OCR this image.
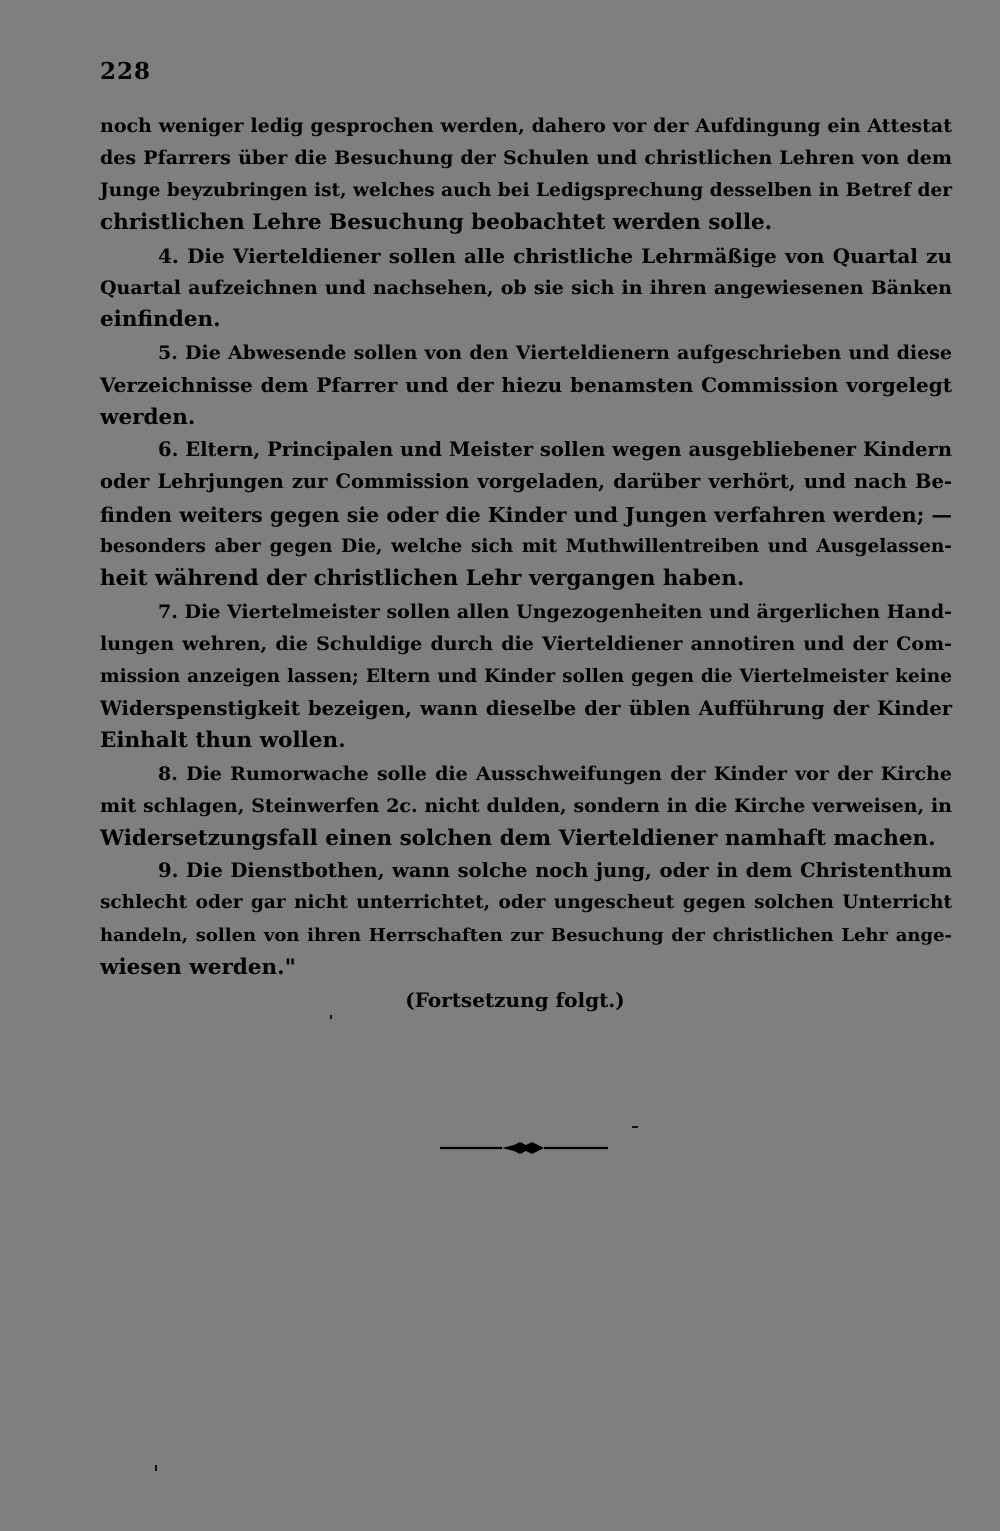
228
noch weniger ledig gesprochen werden, dahero vor der Aufdingung ein Attestat
des Pfarrers über die Besuchung der Schulen und christlichen Lehren von dem
Junge beyzubringen ist, welches auch bei Ledigsprechung desselben in Betref der
christlichen Lehre Besuchung beobachtet werden solle.
4. Die Vierteldiener sollen alle christliche Lehrmäßige von Quartal zu
Quartal aufzeichnen und nachsehen, ob sie sich in ihren angewiesenen Bänken
einfinden.
5. Die Abwesende sollen von den Vierteldienern aufgeschrieben und diese
Verzeichnisse dem Pfarrer und der hiezu benamsten Commission vorgelegt
werden.
6. Eltern, Principalen und Meister sollen wegen ausgebliebener Kindern
oder Lehrjungen zur Commission vorgeladen, darüber verhört, und nach Be-
finden weiters gegen sie oder die Kinder und Jungen verfahren werden; —
besonders aber gegen Die, welche sich mit Muthwillentreiben und Ausgelassen-
heit während der christlichen Lehr vergangen haben.
7. Die Viertelmeister sollen allen Ungezogenheiten und ärgerlichen Hand-
lungen wehren, die Schuldige durch die Vierteldiener annotiren und der Com-
mission anzeigen lassen; Eltern und Kinder sollen gegen die Viertelmeister keine
Widerspenstigkeit bezeigen, wann dieselbe der üblen Aufführung der Kinder
Einhalt thun wollen.
8. Die Rumorwache solle die Ausschweifungen der Kinder vor der Kirche
mit schlagen, Steinwerfen 2c. nicht dulden, sondern in die Kirche verweisen, in
Widersetzungsfall einen solchen dem Vierteldiener namhaft machen.
9. Die Dienstbothen, wann solche noch jung, oder in dem Christenthum
schlecht oder gar nicht unterrichtet, oder ungescheut gegen solchen Unterricht
handeln, sollen von ihren Herrschaften zur Besuchung der christlichen Lehr ange-
wiesen werden."
(Fortsetzung folgt.)
